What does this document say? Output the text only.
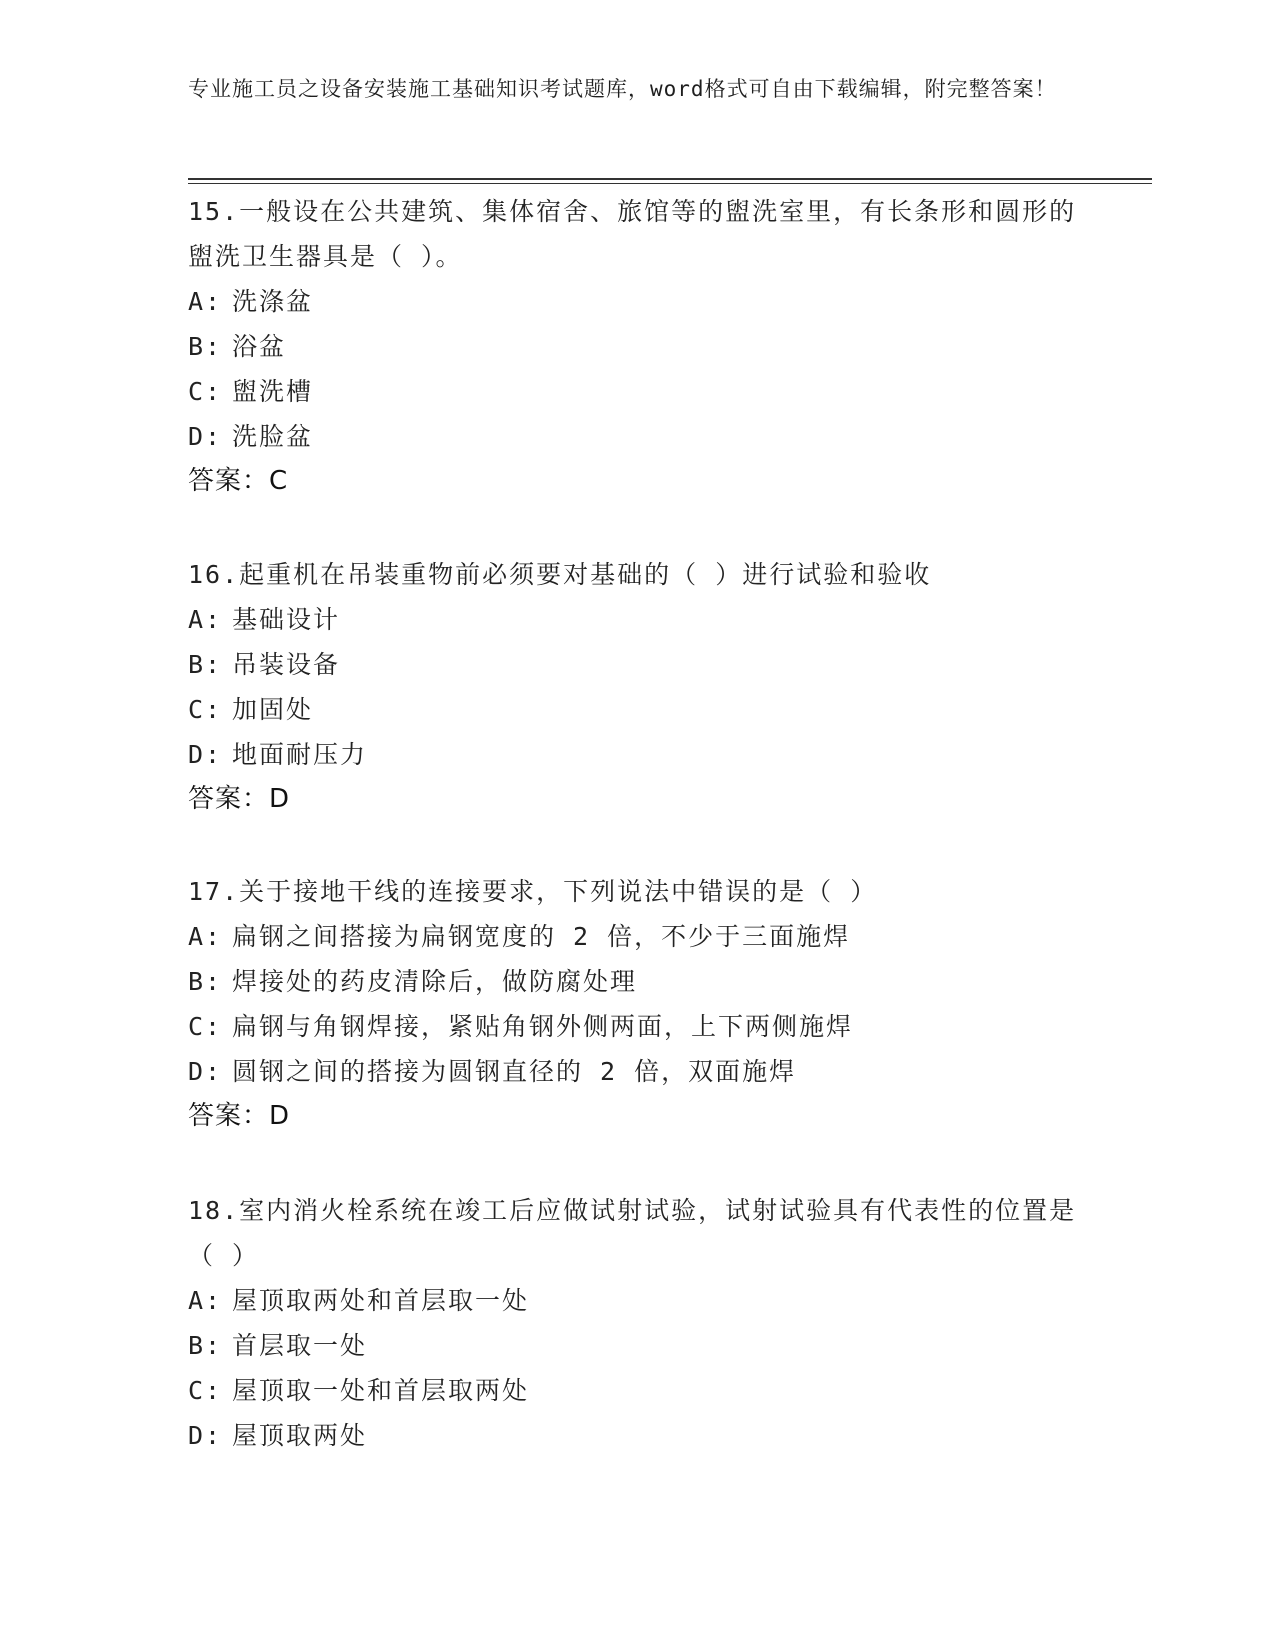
专业施工员之设备安装施工基础知识考试题库，word格式可自由下载编辑，附完整答案！

15.一般设在公共建筑、集体宿舍、旅馆等的盥洗室里，有长条形和圆形的盥洗卫生器具是（ ）。

A: 洗涤盆

B: 浴盆

C: 盥洗槽

D: 洗脸盆

答案：C

16.起重机在吊装重物前必须要对基础的（ ）进行试验和验收

A: 基础设计

B: 吊装设备

C: 加固处

D: 地面耐压力

答案：D

17.关于接地干线的连接要求，下列说法中错误的是（ ）

A: 扁钢之间搭接为扁钢宽度的 2 倍，不少于三面施焊

B: 焊接处的药皮清除后，做防腐处理

C: 扁钢与角钢焊接，紧贴角钢外侧两面，上下两侧施焊

D: 圆钢之间的搭接为圆钢直径的 2 倍，双面施焊

答案：D

18.室内消火栓系统在竣工后应做试射试验，试射试验具有代表性的位置是（ ）

A: 屋顶取两处和首层取一处

B: 首层取一处

C: 屋顶取一处和首层取两处

D: 屋顶取两处
